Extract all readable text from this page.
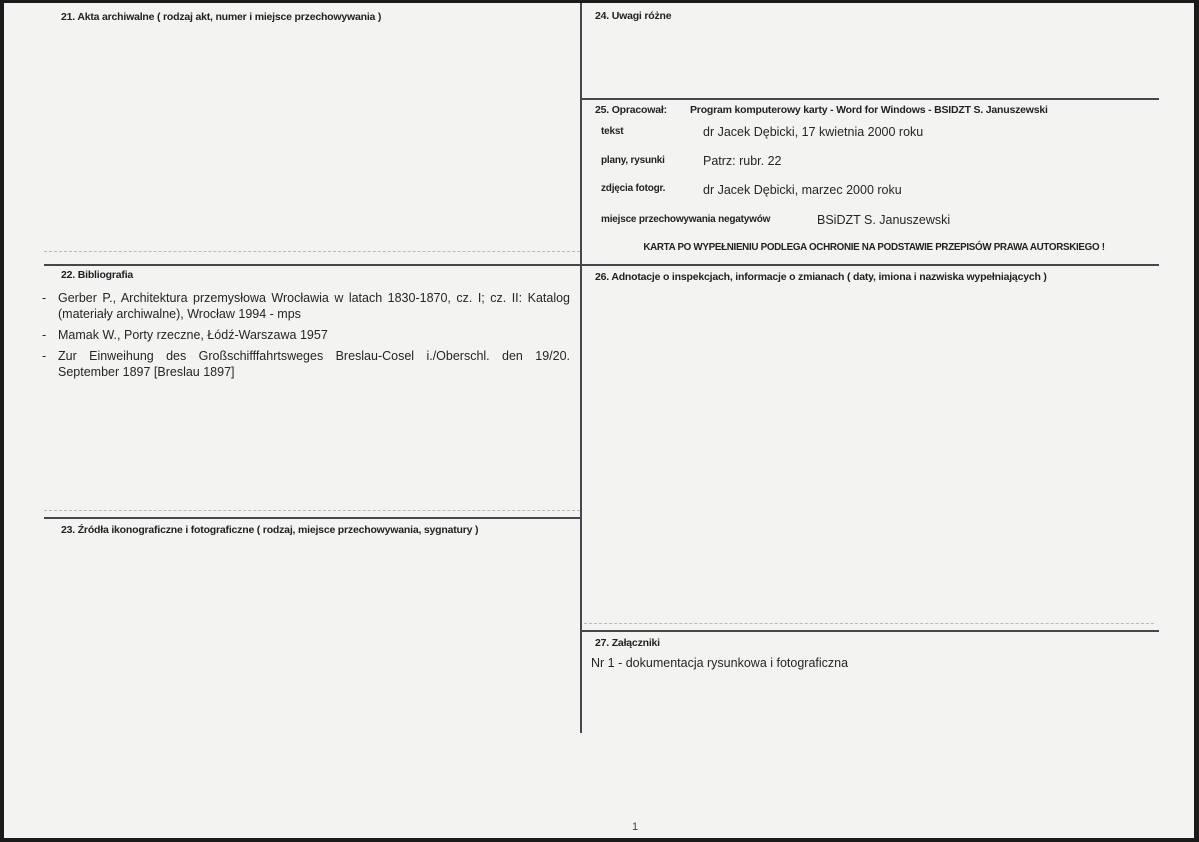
21. Akta archiwalne ( rodzaj akt, numer i miejsce przechowywania )	24. Uwagi różne
25. Opracował: Program komputerowy karty - Word for Windows - BSIDZT S. Januszewski
tekst	dr Jacek Dębicki, 17 kwietnia 2000 roku
plany, rysunki	Patrz: rubr. 22
zdjęcia fotogr.	dr Jacek Dębicki, marzec 2000 roku
miejsce przechowywania negatywów	BSiDZT S. Januszewski
KARTA PO WYPEŁNIENIU PODLEGA OCHRONIE NA PODSTAWIE PRZEPISÓW PRAWA AUTORSKIEGO !
22. Bibliografia
- Gerber P., Architektura przemysłowa Wrocławia w latach 1830-1870, cz. I; cz. II: Katalog (materiały archiwalne), Wrocław 1994 - mps
- Mamak W., Porty rzeczne, Łódź-Warszawa 1957
- Zur Einweihung des Großschifffahrtsweges Breslau-Cosel i./Oberschl. den 19/20. September 1897 [Breslau 1897]
26. Adnotacje o inspekcjach, informacje o zmianach ( daty, imiona i nazwiska wypełniających )
23. Źródła ikonograficzne i fotograficzne ( rodzaj, miejsce przechowywania, sygnatury )
27. Załączniki
Nr 1 - dokumentacja rysunkowa i fotograficzna
1
